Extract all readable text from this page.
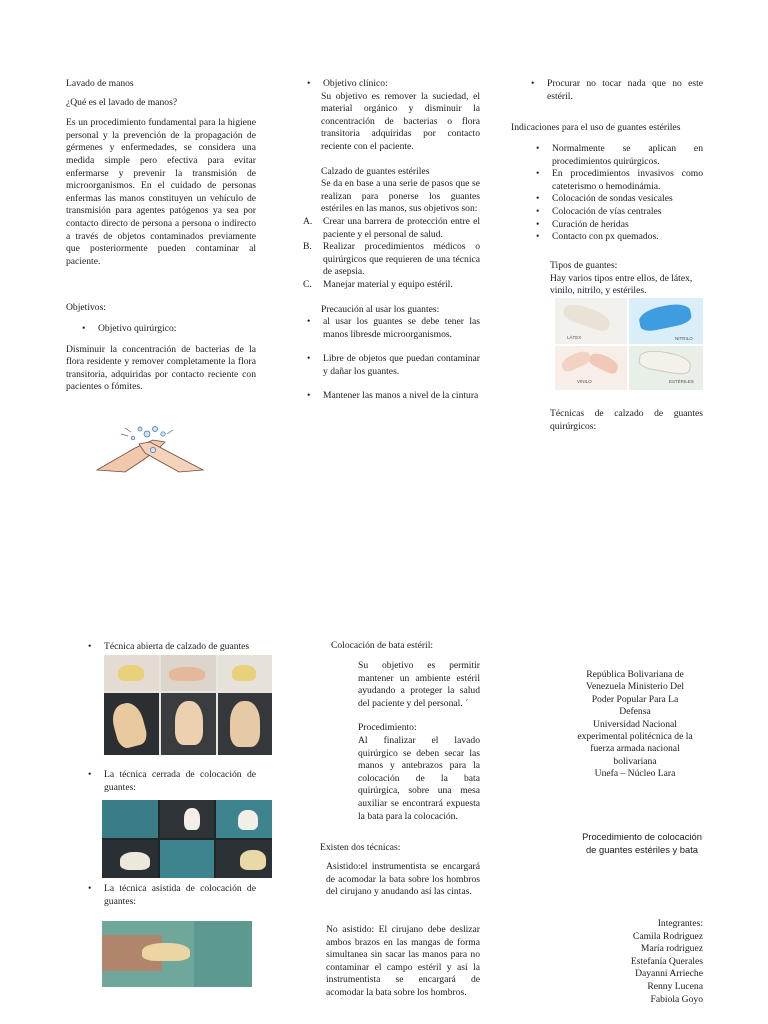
Lavado de manos

¿Qué es el lavado de manos?

Es un procedimiento fundamental para la higiene personal y la prevención de la propagación de gérmenes y enfermedades, se considera una medida simple pero efectiva para evitar enfermarse y prevenir la transmisión de microorganismos. En el cuidado de personas enfermas las manos constituyen un vehículo de transmisión para agentes patógenos ya sea por contacto directo de persona a persona o indirecto a través de objetos contaminados previamente que posteriormente pueden contaminar al paciente.

Objetivos:

• Objetivo quirúrgico:

Disminuir la concentración de bacterias de la flora residente y remover completamente la flora transitoria, adquiridas por contacto reciente con pacientes o fómites.

• Objetivo clínico:

Su objetivo es remover la suciedad, el material orgánico y disminuir la concentración de bacterias o flora transitoria adquiridas por contacto reciente con el paciente.

Calzado de guantes estériles

Se da en base a una serie de pasos que se realizan para ponerse los guantes estériles en las manos, sus objetivos son:

A. Crear una barrera de protección entre el paciente y el personal de salud.

B. Realizar procedimientos médicos o quirúrgicos que requieren de una técnica de asepsia.

C. Manejar material y equipo estéril.

Precaución al usar los guantes:

• al usar los guantes se debe tener las manos libresde microorganismos.

• Libre de objetos que puedan contaminar y dañar los guantes.

• Mantener las manos a nivel de la cintura

• Procurar no tocar nada que no este estéril.

Indicaciones para el uso de guantes estériles

• Normalmente se aplican en procedimientos quirúrgicos.

• En procedimientos invasivos como cateterismo o hemodinámia.

• Colocación de sondas vesicales

• Colocación de vías centrales

• Curación de heridas

• Contacto con px quemados.

Tipos de guantes:

Hay varios tipos entre ellos, de látex, vinilo, nitrilo, y estériles.

LÁTEX	NITRILO
VINILO	ESTÉRILES
Técnicas de calzado de guantes quirúrgicos:

• Técnica abierta de calzado de guantes

• La técnica cerrada de colocación de guantes:

• La técnica asistida de colocación de guantes:

Colocación de bata estéril:
Su objetivo es permitir mantener un ambiente estéril ayudando a proteger la salud del paciente y del personal. ´
Procedimiento:
Al finalizar el lavado quirúrgico se deben secar las manos y antebrazos para la colocación de la bata quirúrgica, sobre una mesa auxiliar se encontrará expuesta la bata para la colocación.
Existen dos técnicas:
Asistido:el instrumentista se encargará de acomodar la bata sobre los hombros del cirujano y anudando así las cintas.
No asistido: El cirujano debe deslizar ambos brazos en las mangas de forma simultanea sin sacar las manos para no contaminar el campo estéril y así la instrumentista se encargará de acomodar la bata sobre los hombros.

República Bolivariana de

Venezuela Ministerio Del

Poder Popular Para La

Defensa

Universidad Nacional

experimental politécnica de la

fuerza armada nacional

bolivariana

Unefa – Núcleo Lara

Procedimiento de colocación

de guantes estériles y bata

Integrantes:

Camila Rodriguez

María rodriguez

Estefanía Querales

Dayanni Arrieche

Renny Lucena

Fabiola Goyo
